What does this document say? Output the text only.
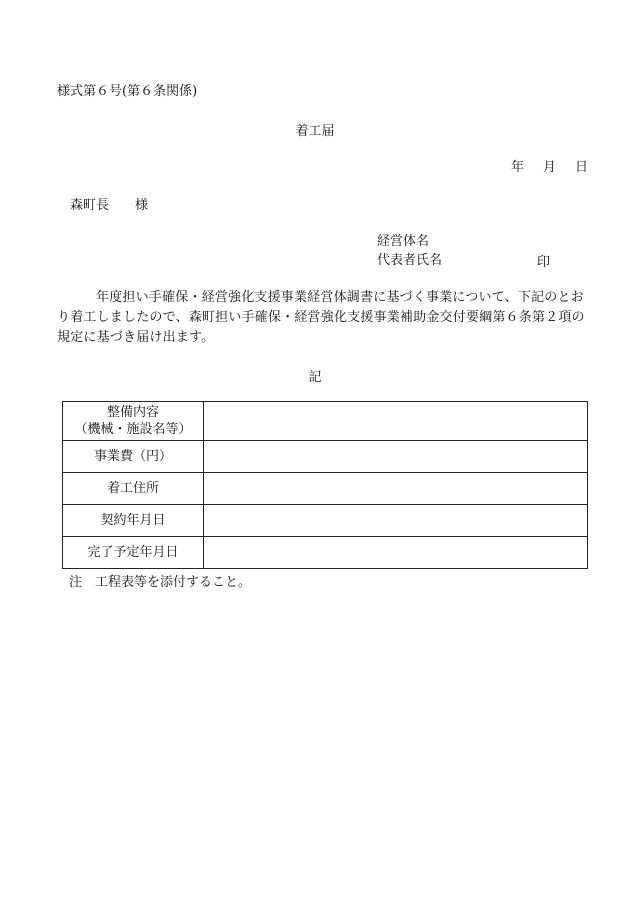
様式第６号(第６条関係)
着工届
年 月 日
森町長 様
経営体名
代表者氏名	印
年度担い手確保・経営強化支援事業経営体調書に基づく事業について、下記のとおり着工しましたので、森町担い手確保・経営強化支援事業補助金交付要綱第６条第２項の規定に基づき届け出ます。
記
整備内容
（機械・施設名等）	

事業費（円）	
着工住所	
契約年月日	
完了予定年月日	
注 工程表等を添付すること。
